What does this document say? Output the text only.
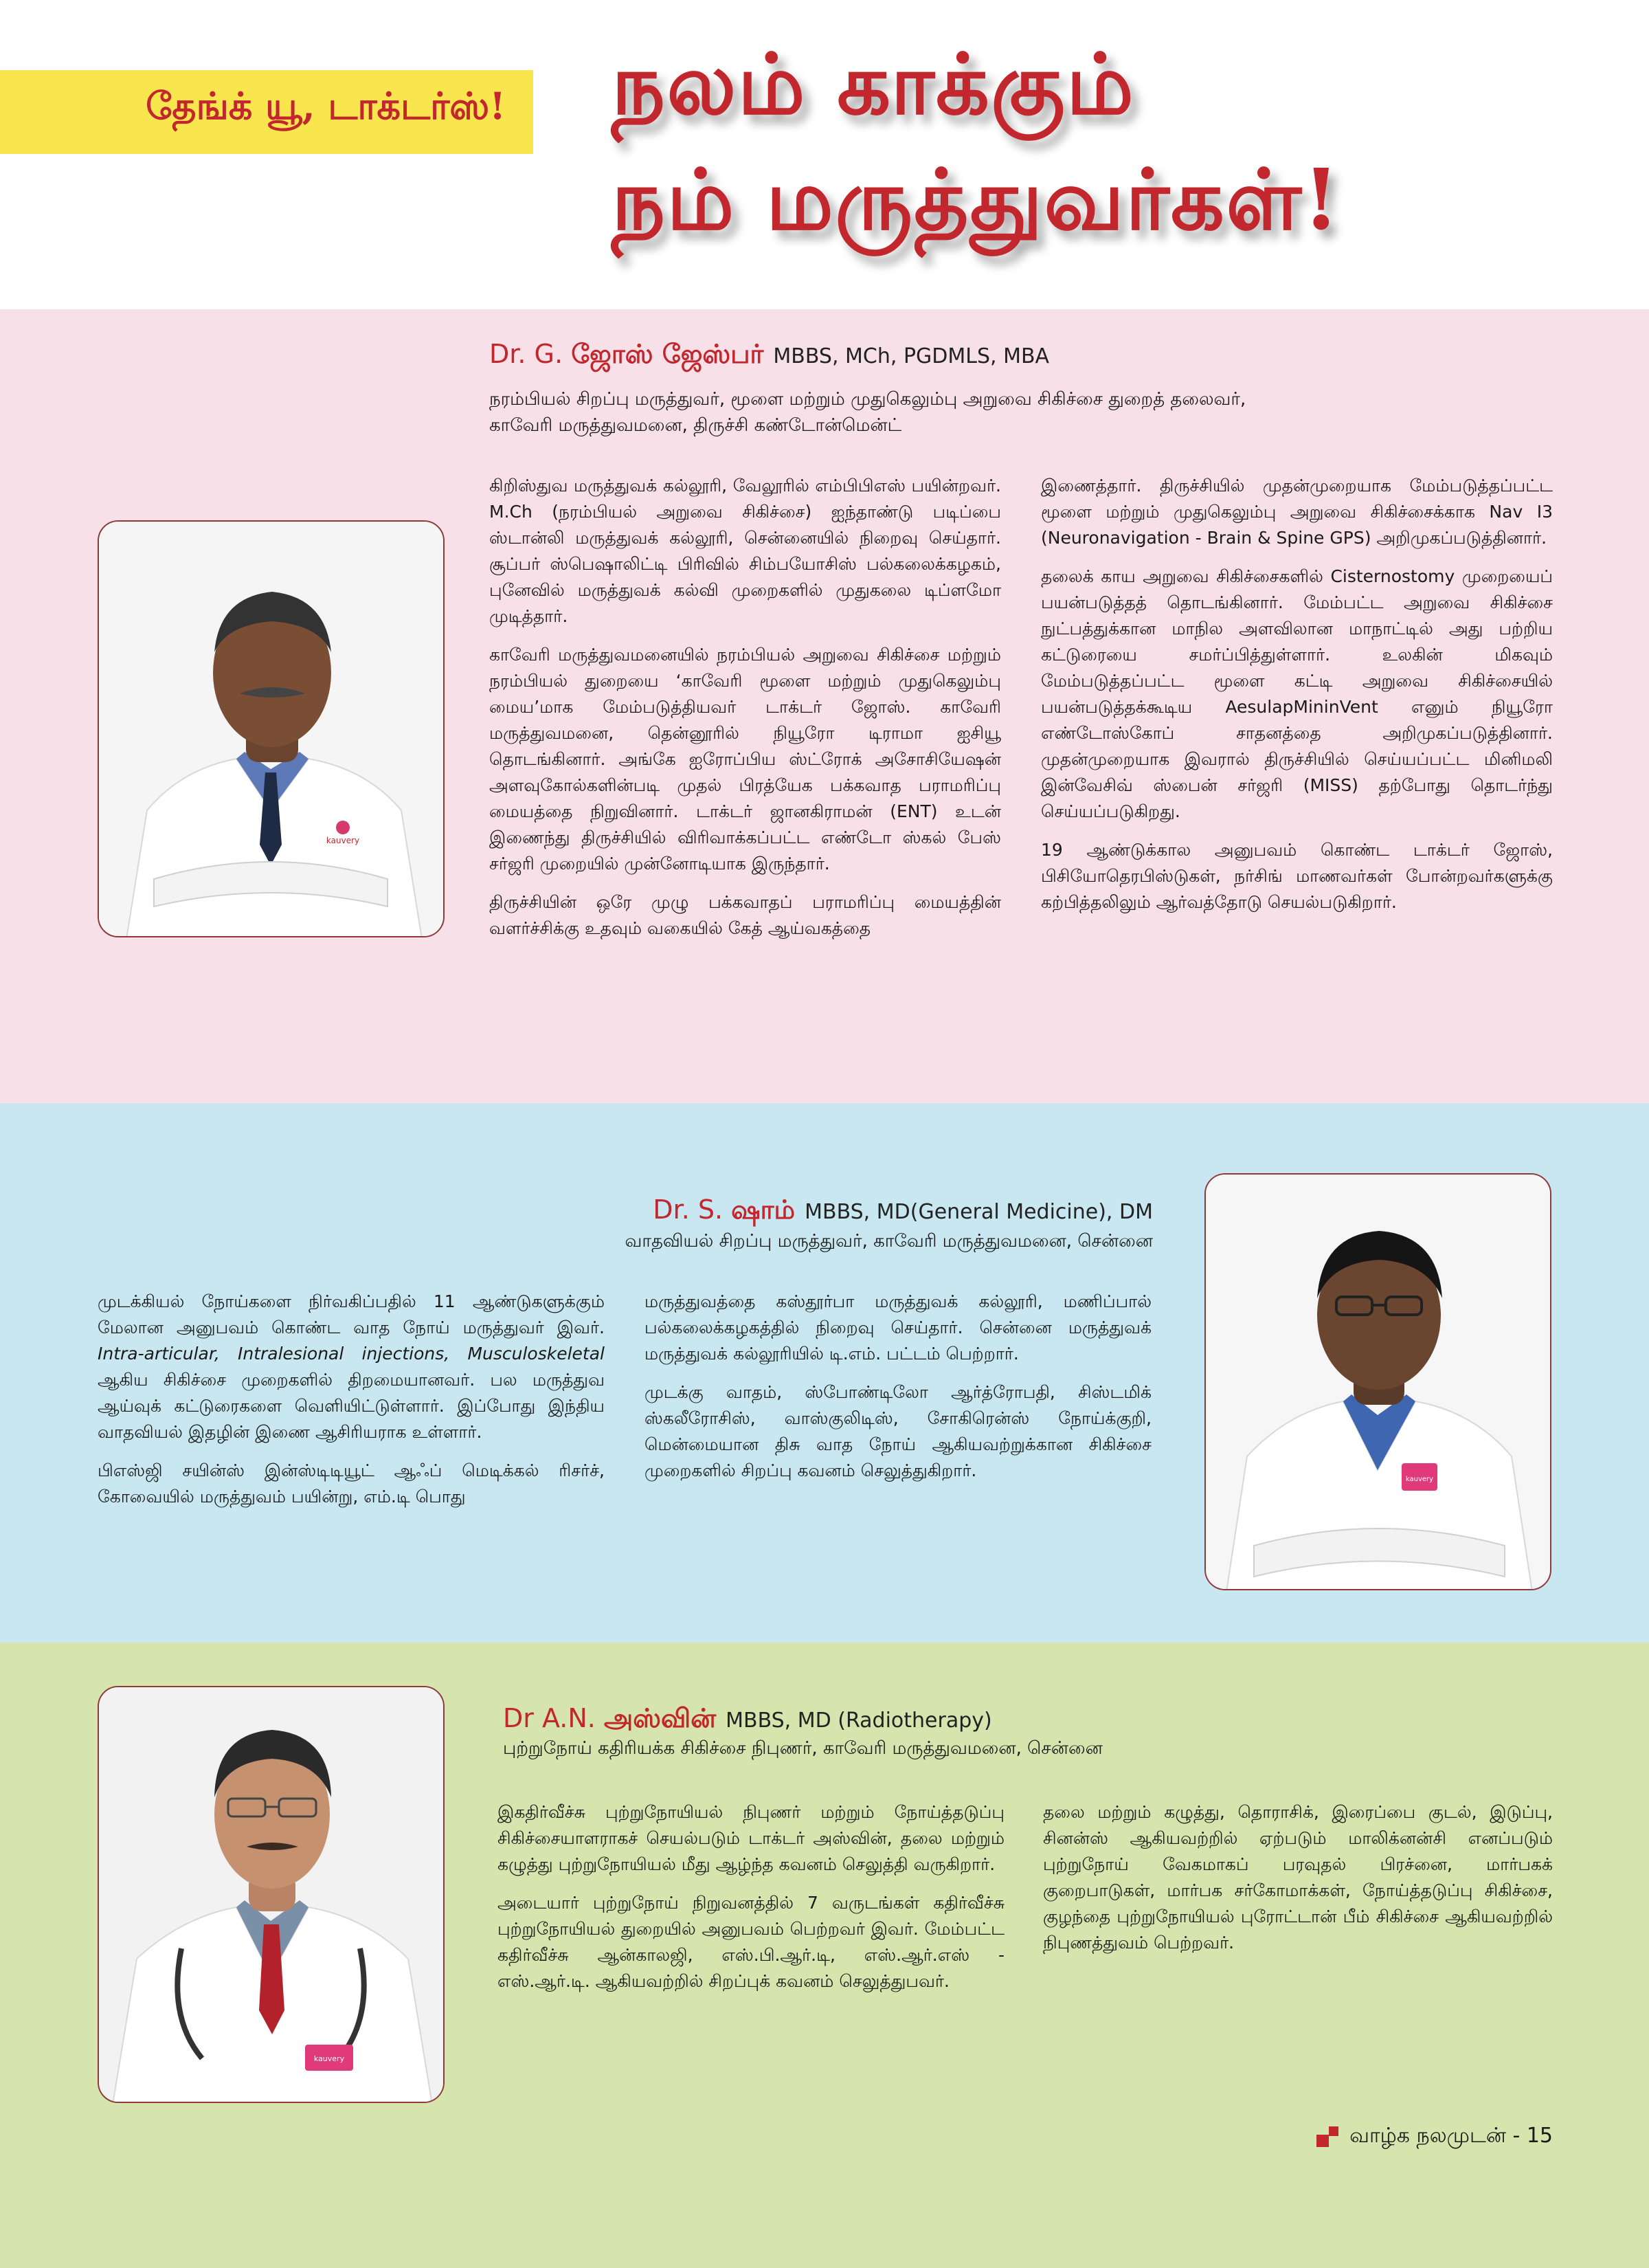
தேங்க் யூ, டாக்டர்ஸ்! நலம் காக்கும்
நம் மருத்துவர்கள்!
kauvery
Dr. G. ஜோஸ் ஜேஸ்பர் MBBS, MCh, PGDMLS, MBA
நரம்பியல் சிறப்பு மருத்துவர், மூளை மற்றும் முதுகெலும்பு அறுவை சிகிச்சை துறைத் தலைவர்,
காவேரி மருத்துவமனை, திருச்சி கண்டோன்மென்ட்

கிறிஸ்துவ மருத்துவக் கல்லூரி, வேலூரில் எம்பிபிஎஸ் பயின்றவர். M.Ch (நரம்பியல் அறுவை சிகிச்சை) ஐந்தாண்டு படிப்பை ஸ்டான்லி மருத்துவக் கல்லூரி, சென்னையில் நிறைவு செய்தார். சூப்பர் ஸ்பெஷாலிட்டி பிரிவில் சிம்பயோசிஸ் பல்கலைக்கழகம், புனேவில் மருத்துவக் கல்வி முறைகளில் முதுகலை டிப்ளமோ முடித்தார்.

காவேரி மருத்துவமனையில் நரம்பியல் அறுவை சிகிச்சை மற்றும் நரம்பியல் துறையை ‘காவேரி மூளை மற்றும் முதுகெலும்பு மைய’மாக மேம்படுத்தியவர் டாக்டர் ஜோஸ். காவேரி மருத்துவமனை, தென்னூரில் நியூரோ டிராமா ஐசியூ தொடங்கினார். அங்கே ஐரோப்பிய ஸ்ட்ரோக் அசோசியேஷன் அளவுகோல்களின்படி முதல் பிரத்யேக பக்கவாத பராமரிப்பு மையத்தை நிறுவினார். டாக்டர் ஜானகிராமன் (ENT) உடன் இணைந்து திருச்சியில் விரிவாக்கப்பட்ட எண்டோ ஸ்கல் பேஸ் சர்ஜரி முறையில் முன்னோடியாக இருந்தார்.

திருச்சியின் ஒரே முழு பக்கவாதப் பராமரிப்பு மையத்தின் வளர்ச்சிக்கு உதவும் வகையில் கேத் ஆய்வகத்தை

இணைத்தார். திருச்சியில் முதன்முறையாக மேம்படுத்தப்பட்ட மூளை மற்றும் முதுகெலும்பு அறுவை சிகிச்சைக்காக Nav I3 (Neuronavigation - Brain & Spine GPS) அறிமுகப்படுத்தினார்.

தலைக் காய அறுவை சிகிச்சைகளில் Cisternostomy முறையைப் பயன்படுத்தத் தொடங்கினார். மேம்பட்ட அறுவை சிகிச்சை நுட்பத்துக்கான மாநில அளவிலான மாநாட்டில் அது பற்றிய கட்டுரையை சமர்ப்பித்துள்ளார். உலகின் மிகவும் மேம்படுத்தப்பட்ட மூளை கட்டி அறுவை சிகிச்சையில் பயன்படுத்தக்கூடிய AesulapMininVent எனும் நியூரோ எண்டோஸ்கோப் சாதனத்தை அறிமுகப்படுத்தினார். முதன்முறையாக இவரால் திருச்சியில் செய்யப்பட்ட மினிமலி இன்வேசிவ் ஸ்பைன் சர்ஜரி (MISS) தற்போது தொடர்ந்து செய்யப்படுகிறது.

19 ஆண்டுக்கால அனுபவம் கொண்ட டாக்டர் ஜோஸ், பிசியோதெரபிஸ்டுகள், நர்சிங் மாணவர்கள் போன்றவர்களுக்கு கற்பித்தலிலும் ஆர்வத்தோடு செயல்படுகிறார்.

kauvery
Dr. S. ஷாம் MBBS, MD(General Medicine), DM
வாதவியல் சிறப்பு மருத்துவர், காவேரி மருத்துவமனை, சென்னை

முடக்கியல் நோய்களை நிர்வகிப்பதில் 11 ஆண்டுகளுக்கும் மேலான அனுபவம் கொண்ட வாத நோய் மருத்துவர் இவர். Intra-articular, Intralesional injections, Musculoskeletal ஆகிய சிகிச்சை முறைகளில் திறமையானவர். பல மருத்துவ ஆய்வுக் கட்டுரைகளை வெளியிட்டுள்ளார். இப்போது இந்திய வாதவியல் இதழின் இணை ஆசிரியராக உள்ளார்.

பிஎஸ்ஜி சயின்ஸ் இன்ஸ்டிடியூட் ஆஃப் மெடிக்கல் ரிசர்ச், கோவையில் மருத்துவம் பயின்று, எம்.டி பொது

மருத்துவத்தை கஸ்தூர்பா மருத்துவக் கல்லூரி, மணிப்பால் பல்கலைக்கழகத்தில் நிறைவு செய்தார். சென்னை மருத்துவக் மருத்துவக் கல்லூரியில் டி.எம். பட்டம் பெற்றார்.

முடக்கு வாதம், ஸ்போண்டிலோ ஆர்த்ரோபதி, சிஸ்டமிக் ஸ்கலீரோசிஸ், வாஸ்குலிடிஸ், சோகிரென்ஸ் நோய்க்குறி, மென்மையான திசு வாத நோய் ஆகியவற்றுக்கான சிகிச்சை முறைகளில் சிறப்பு கவனம் செலுத்துகிறார்.

kauvery
Dr A.N. அஸ்வின் MBBS, MD (Radiotherapy)
புற்றுநோய் கதிரியக்க சிகிச்சை நிபுணர், காவேரி மருத்துவமனை, சென்னை

இகதிர்வீச்சு புற்றுநோயியல் நிபுணர் மற்றும் நோய்த்தடுப்பு சிகிச்சையாளராகச் செயல்படும் டாக்டர் அஸ்வின், தலை மற்றும் கழுத்து புற்றுநோயியல் மீது ஆழ்ந்த கவனம் செலுத்தி வருகிறார்.

அடையார் புற்றுநோய் நிறுவனத்தில் 7 வருடங்கள் கதிர்வீச்சு புற்றுநோயியல் துறையில் அனுபவம் பெற்றவர் இவர். மேம்பட்ட கதிர்வீச்சு ஆன்காலஜி, எஸ்.பி.ஆர்.டி, எஸ்.ஆர்.எஸ் - எஸ்.ஆர்.டி. ஆகியவற்றில் சிறப்புக் கவனம் செலுத்துபவர்.

தலை மற்றும் கழுத்து, தொராசிக், இரைப்பை குடல், இடுப்பு, சினன்ஸ் ஆகியவற்றில் ஏற்படும் மாலிக்னன்சி எனப்படும் புற்றுநோய் வேகமாகப் பரவுதல் பிரச்னை, மார்பகக் குறைபாடுகள், மார்பக சர்கோமாக்கள், நோய்த்தடுப்பு சிகிச்சை, குழந்தை புற்றுநோயியல் புரோட்டான் பீம் சிகிச்சை ஆகியவற்றில் நிபுணத்துவம் பெற்றவர்.

வாழ்க நலமுடன் - 15
